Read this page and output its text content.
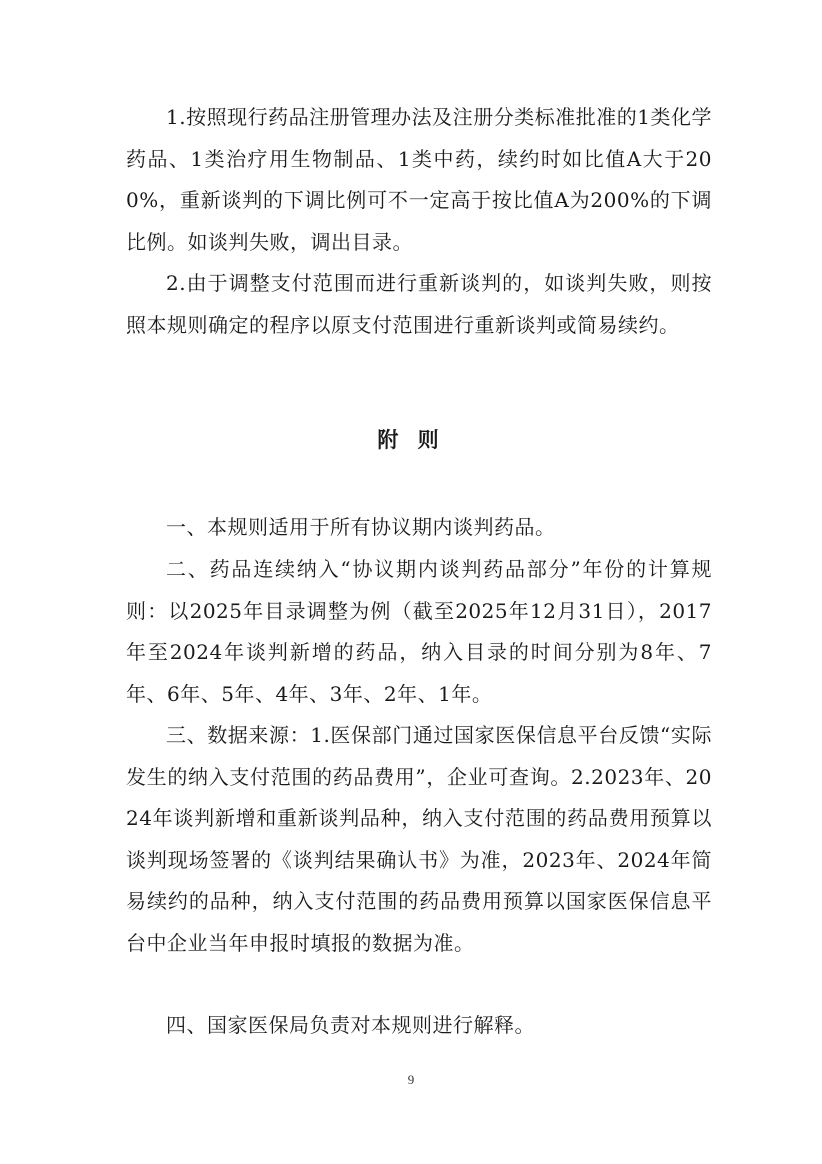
1.按照现行药品注册管理办法及注册分类标准批准的1类化学药品、1类治疗用生物制品、1类中药，续约时如比值A大于200%，重新谈判的下调比例可不一定高于按比值A为200%的下调比例。如谈判失败，调出目录。

2.由于调整支付范围而进行重新谈判的，如谈判失败，则按照本规则确定的程序以原支付范围进行重新谈判或简易续约。

附 则

一、本规则适用于所有协议期内谈判药品。

二、药品连续纳入“协议期内谈判药品部分”年份的计算规则：以2025年目录调整为例（截至2025年12月31日），2017年至2024年谈判新增的药品，纳入目录的时间分别为8年、7年、6年、5年、4年、3年、2年、1年。

三、数据来源：1.医保部门通过国家医保信息平台反馈“实际发生的纳入支付范围的药品费用”，企业可查询。2.2023年、2024年谈判新增和重新谈判品种，纳入支付范围的药品费用预算以谈判现场签署的《谈判结果确认书》为准，2023年、2024年简易续约的品种，纳入支付范围的药品费用预算以国家医保信息平台中企业当年申报时填报的数据为准。

四、国家医保局负责对本规则进行解释。

9
